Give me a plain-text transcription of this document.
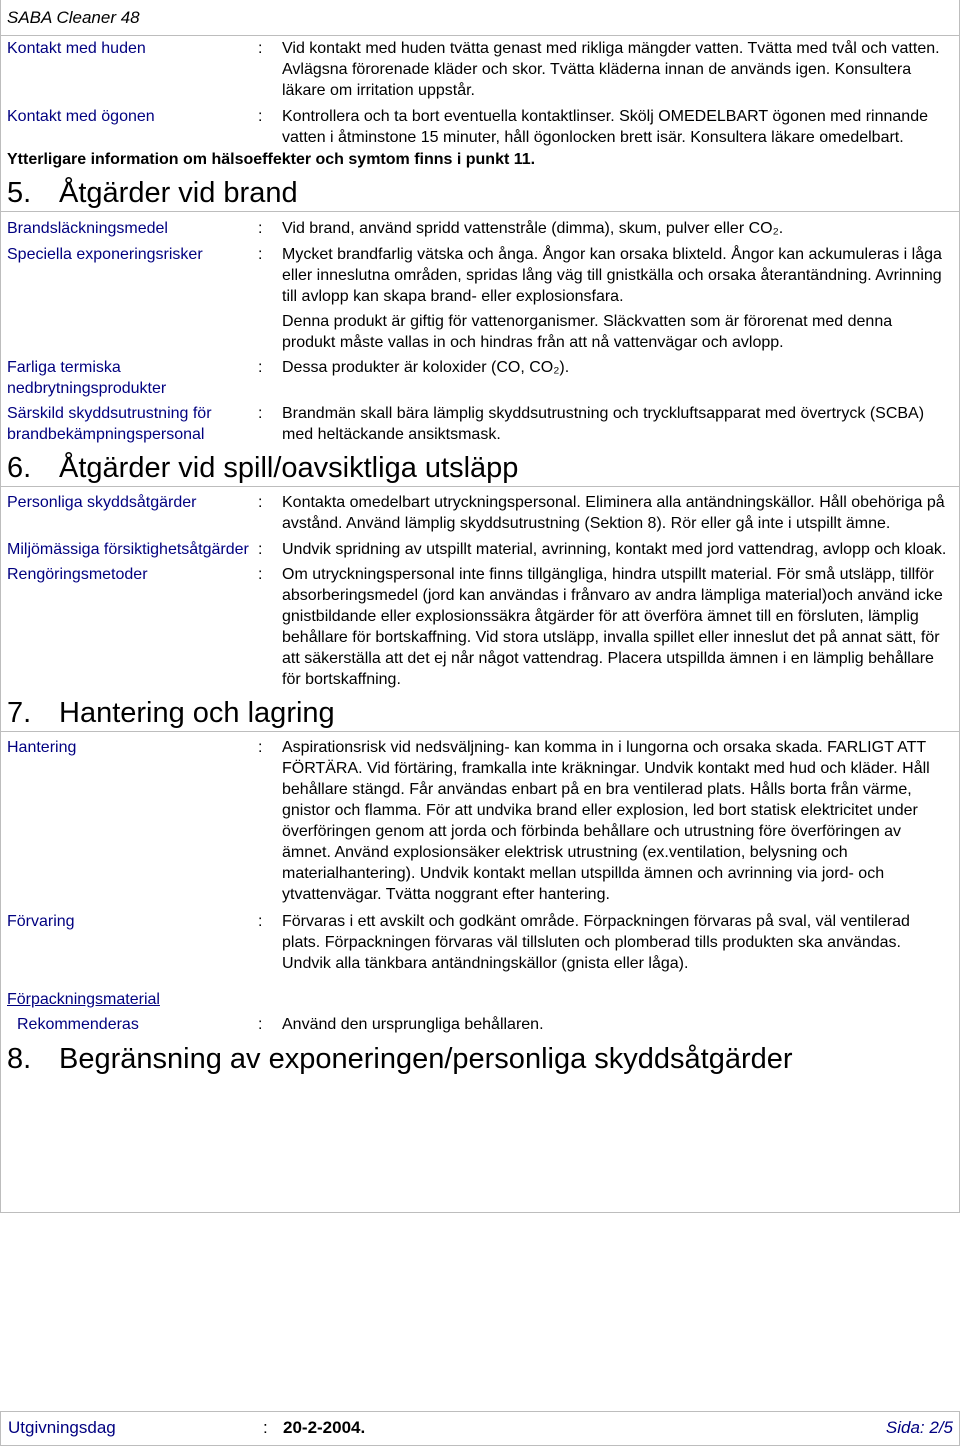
SABA Cleaner 48
Kontakt med huden	:	Vid kontakt med huden tvätta genast med rikliga mängder vatten. Tvätta med tvål och vatten. Avlägsna förorenade kläder och skor. Tvätta kläderna innan de används igen. Konsultera läkare om irritation uppstår.

Kontakt med ögonen	:	Kontrollera och ta bort eventuella kontaktlinser. Skölj OMEDELBART ögonen med rinnande vatten i åtminstone 15 minuter, håll ögonlocken brett isär. Konsultera läkare omedelbart.

Ytterligare information om hälsoeffekter och symtom finns i punkt 11.
5. Åtgärder vid brand
Brandsläckningsmedel	:	Vid brand, använd spridd vattenstråle (dimma), skum, pulver eller CO₂.

Speciella exponeringsrisker	:	Mycket brandfarlig vätska och ånga. Ångor kan orsaka blixteld. Ångor kan ackumuleras i låga eller inneslutna områden, spridas lång väg till gnistkälla och orsaka återantändning. Avrinning till avlopp kan skapa brand- eller explosionsfara.

Denna produkt är giftig för vattenorganismer. Släckvatten som är förorenat med denna produkt måste vallas in och hindras från att nå vattenvägar och avlopp.

Farliga termiska nedbrytningsprodukter
:	Dessa produkter är koloxider (CO, CO₂).

Särskild skyddsutrustning för brandbekämpningspersonal
:	Brandmän skall bära lämplig skyddsutrustning och tryckluftsapparat med övertryck (SCBA) med heltäckande ansiktsmask.

6. Åtgärder vid spill/oavsiktliga utsläpp
Personliga skyddsåtgärder	:	Kontakta omedelbart utryckningspersonal. Eliminera alla antändningskällor. Håll obehöriga på avstånd. Använd lämplig skyddsutrustning (Sektion 8). Rör eller gå inte i utspillt ämne.

Miljömässiga försiktighetsåtgärder :	Undvik spridning av utspillt material, avrinning, kontakt med jord vattendrag, avlopp och kloak.

Rengöringsmetoder	:	Om utryckningspersonal inte finns tillgängliga, hindra utspillt material. För små utsläpp, tillför absorberingsmedel (jord kan användas i frånvaro av andra lämpliga material)och använd icke gnistbildande eller explosionssäkra åtgärder för att överföra ämnet till en försluten, lämplig behållare för bortskaffning. Vid stora utsläpp, invalla spillet eller inneslut det på annat sätt, för att säkerställa att det ej når något vattendrag. Placera utspillda ämnen i en lämplig behållare för bortskaffning.

7. Hantering och lagring
Hantering	:	Aspirationsrisk vid nedsväljning- kan komma in i lungorna och orsaka skada. FARLIGT ATT FÖRTÄRA. Vid förtäring, framkalla inte kräkningar. Undvik kontakt med hud och kläder. Håll behållare stängd. Får användas enbart på en bra ventilerad plats. Hålls borta från värme, gnistor och flamma. För att undvika brand eller explosion, led bort statisk elektricitet under överföringen genom att jorda och förbinda behållare och utrustning före överföringen av ämnet. Använd explosionsäker elektrisk utrustning (ex.ventilation, belysning och materialhantering). Undvik kontakt mellan utspillda ämnen och avrinning via jord- och ytvattenvägar. Tvätta noggrant efter hantering.

Förvaring	:	Förvaras i ett avskilt och godkänt område. Förpackningen förvaras på sval, väl ventilerad plats. Förpackningen förvaras väl tillsluten och plomberad tills produkten ska användas. Undvik alla tänkbara antändningskällor (gnista eller låga).

Förpackningsmaterial
Rekommenderas	:	Använd den ursprungliga behållaren.

8. Begränsning av exponeringen/personliga skyddsåtgärder
Utgivningsdag	: 20-2-2004.	Sida: 2/5
